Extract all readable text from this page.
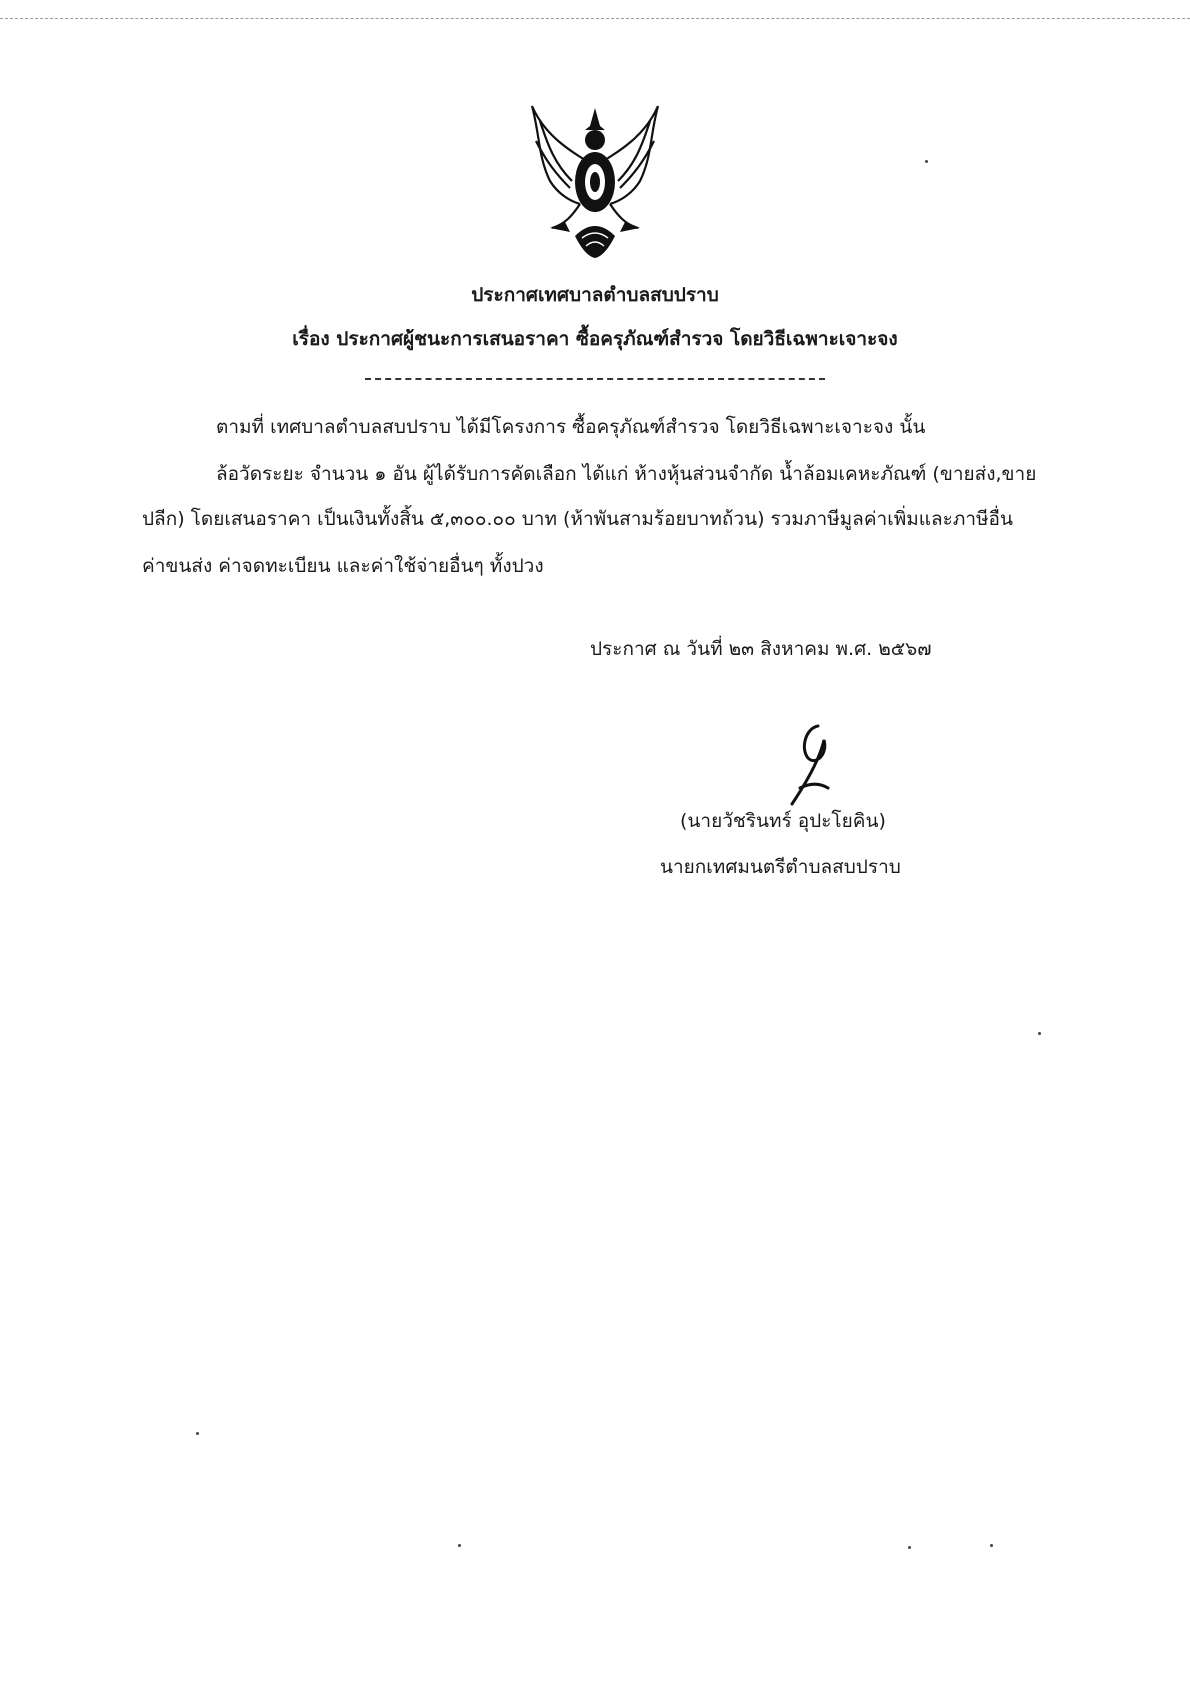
ประกาศเทศบาลตำบลสบปราบ
เรื่อง ประกาศผู้ชนะการเสนอราคา ซื้อครุภัณฑ์สำรวจ โดยวิธีเฉพาะเจาะจง
ตามที่ เทศบาลตำบลสบปราบ ได้มีโครงการ ซื้อครุภัณฑ์สำรวจ โดยวิธีเฉพาะเจาะจง นั้น
ล้อวัดระยะ จำนวน ๑ อัน ผู้ได้รับการคัดเลือก ได้แก่ ห้างหุ้นส่วนจำกัด น้ำล้อมเคหะภัณฑ์ (ขายส่ง,ขาย
ปลีก) โดยเสนอราคา เป็นเงินทั้งสิ้น ๕,๓๐๐.๐๐ บาท (ห้าพันสามร้อยบาทถ้วน) รวมภาษีมูลค่าเพิ่มและภาษีอื่น
ค่าขนส่ง ค่าจดทะเบียน และค่าใช้จ่ายอื่นๆ ทั้งปวง
ประกาศ ณ วันที่ ๒๓ สิงหาคม พ.ศ. ๒๕๖๗
(นายวัชรินทร์ อุปะโยคิน)
นายกเทศมนตรีตำบลสบปราบ
